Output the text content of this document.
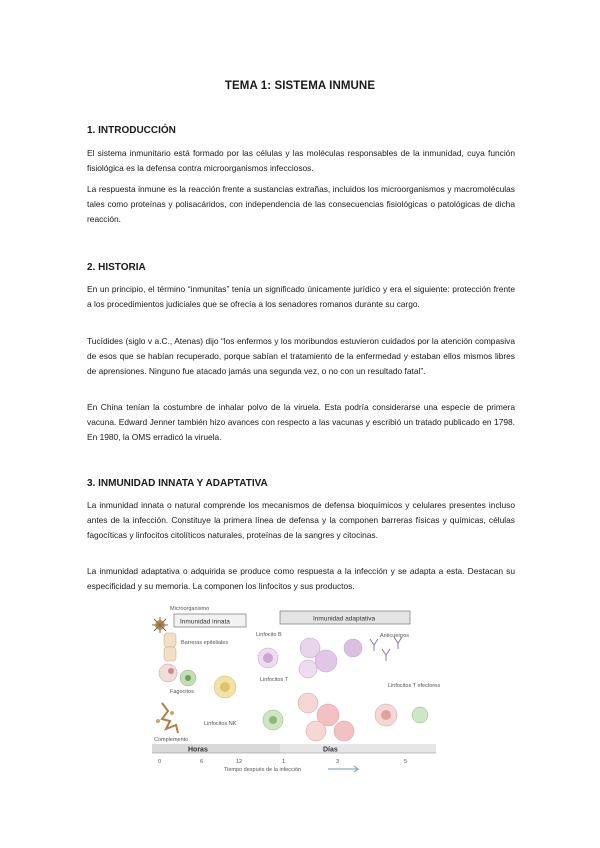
TEMA 1: SISTEMA INMUNE
1. INTRODUCCIÓN

El sistema inmunitario está formado por las células y las moléculas responsables de la inmunidad, cuya función fisiológica es la defensa contra microorganismos infecciosos.

La respuesta inmune es la reacción frente a sustancias extrañas, incluidos los microorganismos y macromoléculas tales como proteínas y polisacáridos, con independencia de las consecuencias fisiológicas o patológicas de dicha reacción.

2. HISTORIA

En un principio, el término “inmunitas” tenía un significado únicamente jurídico y era el siguiente: protección frente a los procedimientos judiciales que se ofrecía a los senadores romanos durante su cargo.

Tucídides (siglo v a.C., Atenas) dijo “los enfermos y los moribundos estuvieron cuidados por la atención compasiva de esos que se habían recuperado, porque sabían el tratamiento de la enfermedad y estaban ellos mismos libres de aprensiones. Ninguno fue atacado jamás una segunda vez, o no con un resultado fatal”.

En China tenían la costumbre de inhalar polvo de la viruela. Esta podría considerarse una especie de primera vacuna. Edward Jenner también hizo avances con respecto a las vacunas y escribió un tratado publicado en 1798. En 1980, la OMS erradicó la viruela.

3. INMUNIDAD INNATA Y ADAPTATIVA

La inmunidad innata o natural comprende los mecanismos de defensa bioquímicos y celulares presentes incluso antes de la infección. Constituye la primera línea de defensa y la componen barreras físicas y químicas, células fagocíticas y linfocitos citolíticos naturales, proteínas de la sangres y citocinas.

La inmunidad adaptativa o adquirida se produce como respuesta a la infección y se adapta a esta. Destacan su especificidad y su memoria. La componen los linfocitos y sus productos.

Microorganismo
Inmunidad innata	Inmunidad adaptativa
Barreras epiteliales
Fagocitos
Linfocitos NK
Complemento
Linfocito B	Anticuerpos
Linfocitos T
Linfocitos T efectores
Horas	Días
0	6	12	1	3	5
Tiempo después de la infección
